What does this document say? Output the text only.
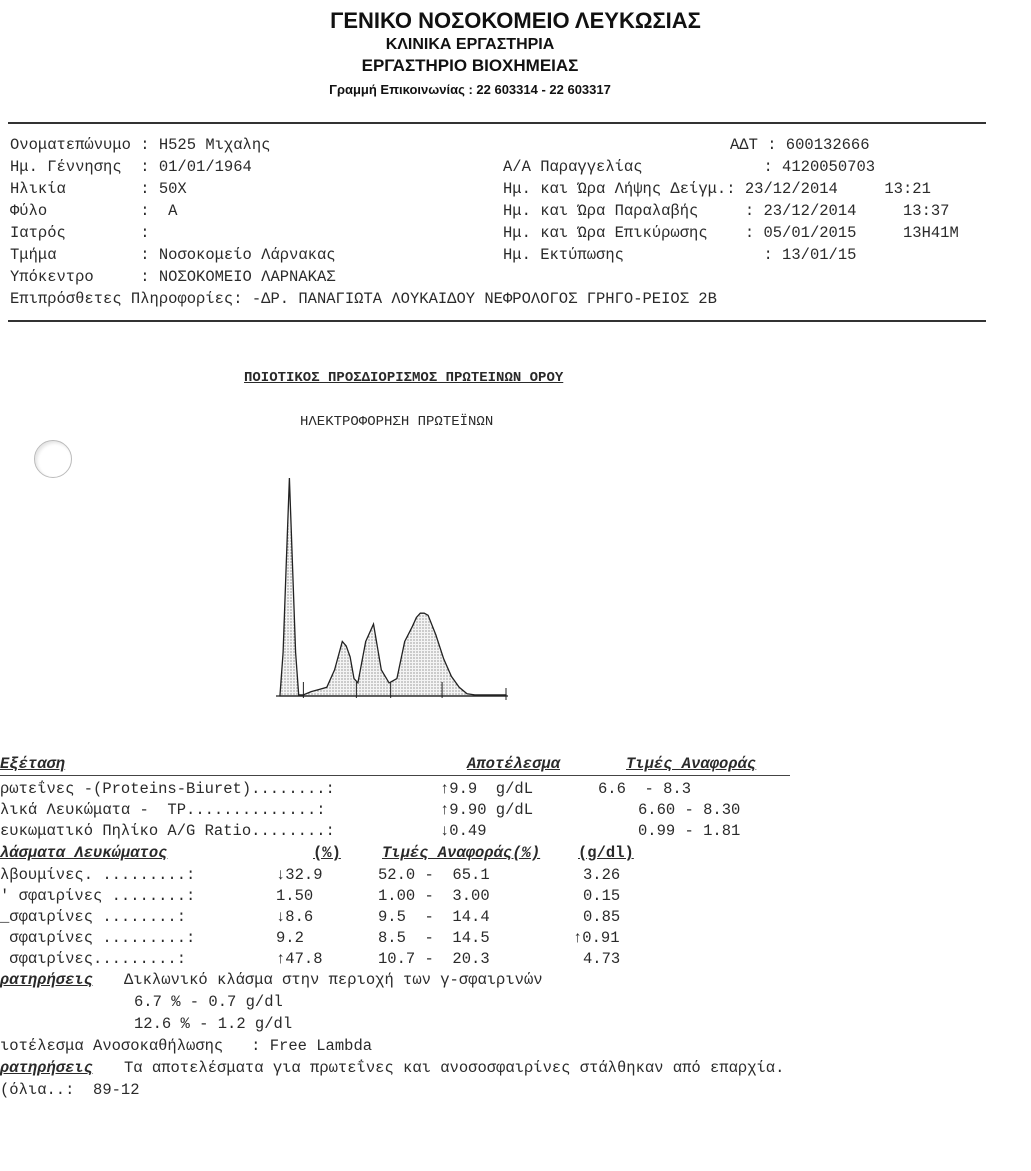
ΓΕΝΙΚΟ ΝΟΣΟΚΟΜΕΙΟ ΛΕΥΚΩΣΙΑΣ
ΚΛΙΝΙΚΑ ΕΡΓΑΣΤΗΡΙΑ
ΕΡΓΑΣΤΗΡΙΟ ΒΙΟΧΗΜΕΙΑΣ
Γραμμή Επικοινωνίας : 22 603314 - 22 603317
Ονοματεπώνυμο : H525 Μιχαλης
Ημ. Γέννησης  : 01/01/1964
Ηλικία        : 50X
Φύλο          :  A
Ιατρός        :
Τμήμα         : Νοσοκομείο Λάρνακας
Υπόκεντρο     : ΝΟΣΟΚΟΜΕΙΟ ΛΑΡΝΑΚΑΣ
Επιπρόσθετες Πληροφορίες: -ΔΡ. ΠΑΝΑΓΙΩΤΑ ΛΟΥΚΑΙΔΟΥ ΝΕΦΡΟΛΟΓΟΣ ΓΡΗΓΟ-ΡΕΙΟΣ 2Β
ΑΔΤ : 600132666
Α/Α Παραγγελίας             : 4120050703
Ημ. και Ώρα Λήψης Δείγμ.: 23/12/2014     13:21
Ημ. και Ώρα Παραλαβής     : 23/12/2014     13:37
Ημ. και Ώρα Επικύρωσης    : 05/01/2015     13H41M
Ημ. Εκτύπωσης               : 13/01/15
ΠΟΙΟΤΙΚΟΣ ΠΡΟΣΔΙΟΡΙΣΜΟΣ ΠΡΩΤΕΙΝΩΝ ΟΡΟΥ
ΗΛΕΚΤΡΟΦΟΡΗΣΗ ΠΡΩΤΕΪΝΩΝ
Εξέταση	Αποτέλεσμα	Τιμές Αναφοράς
ρωτεΐνες -(Proteins-Biuret)........:	↑9.9  g/dL	6.6  - 8.3
λικά Λευκώματα -  TP..............:	↑9.90 g/dL	6.60 - 8.30
ευκωματικό Πηλίκο A/G Ratio........:	↓0.49	0.99 - 1.81
λάσματα Λευκώματος	(%)	Τιμές Αναφοράς(%) (g/dl)
λβουμίνες. .........:	↓32.9	52.0 -  65.1	3.26
' σφαιρίνες ........:	1.50	1.00 -  3.00	0.15
_σφαιρίνες ........:	↓8.6	9.5  -  14.4	0.85
σφαιρίνες .........:	9.2	8.5  -  14.5	↑0.91
σφαιρίνες.........:	↑47.8	10.7 -  20.3	4.73
ρατηρήσεις Δικλωνικό κλάσμα στην περιοχή των γ-σφαιρινών
6.7 % - 0.7 g/dl
12.6 % - 1.2 g/dl
ιοτέλεσμα Ανοσοκαθήλωσης   : Free Lambda
ρατηρήσεις Τα αποτελέσματα για πρωτεΐνες και ανοσοσφαιρίνες στάλθηκαν από επαρχία.
(όλια..:  89-12
